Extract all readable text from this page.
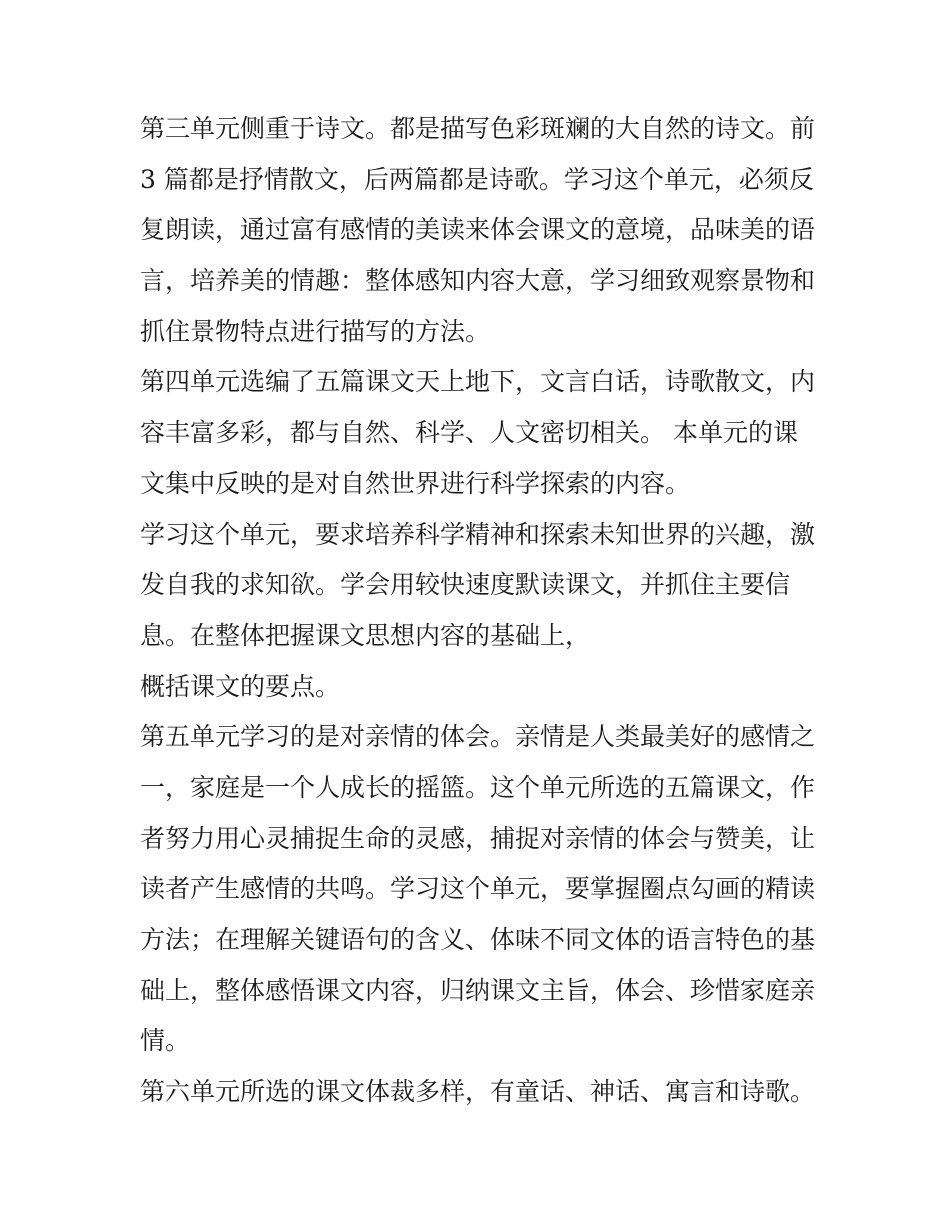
第三单元侧重于诗文。都是描写色彩斑斓的大自然的诗文。前
3 篇都是抒情散文，后两篇都是诗歌。学习这个单元，必须反
复朗读，通过富有感情的美读来体会课文的意境，品味美的语
言，培养美的情趣：整体感知内容大意，学习细致观察景物和
抓住景物特点进行描写的方法。
第四单元选编了五篇课文天上地下，文言白话，诗歌散文，内
容丰富多彩，都与自然、科学、人文密切相关。 本单元的课
文集中反映的是对自然世界进行科学探索的内容。
学习这个单元，要求培养科学精神和探索未知世界的兴趣，激
发自我的求知欲。学会用较快速度默读课文，并抓住主要信
息。在整体把握课文思想内容的基础上，
概括课文的要点。
第五单元学习的是对亲情的体会。亲情是人类最美好的感情之
一，家庭是一个人成长的摇篮。这个单元所选的五篇课文，作
者努力用心灵捕捉生命的灵感，捕捉对亲情的体会与赞美，让
读者产生感情的共鸣。学习这个单元，要掌握圈点勾画的精读
方法；在理解关键语句的含义、体味不同文体的语言特色的基
础上，整体感悟课文内容，归纳课文主旨，体会、珍惜家庭亲
情。
第六单元所选的课文体裁多样，有童话、神话、寓言和诗歌。
